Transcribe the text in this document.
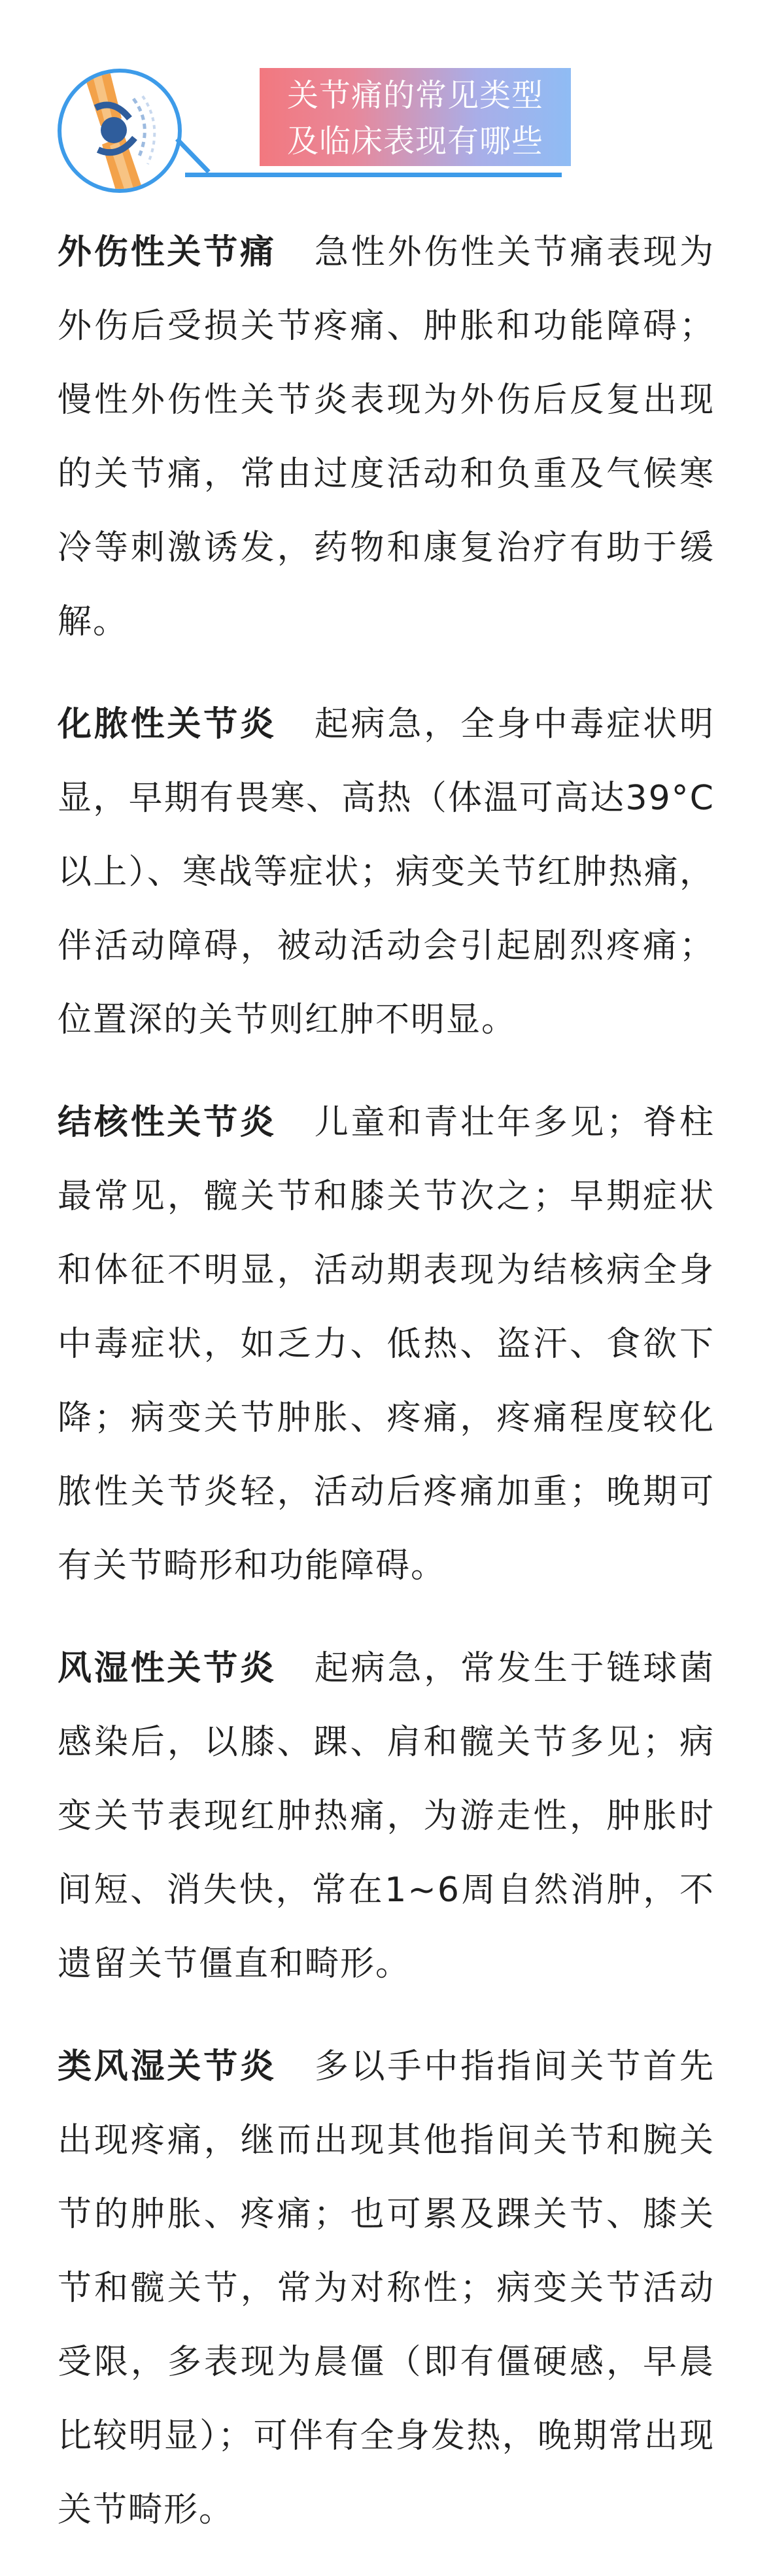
关节痛的常见类型
及临床表现有哪些

外伤性关节痛 急性外伤性关节痛表现为外伤后受损关节疼痛、肿胀和功能障碍；慢性外伤性关节炎表现为外伤后反复出现的关节痛，常由过度活动和负重及气候寒冷等刺激诱发，药物和康复治疗有助于缓解。

化脓性关节炎 起病急，全身中毒症状明显，早期有畏寒、高热（体温可高达39°C以上）、寒战等症状；病变关节红肿热痛，伴活动障碍，被动活动会引起剧烈疼痛；位置深的关节则红肿不明显。

结核性关节炎 儿童和青壮年多见；脊柱最常见，髋关节和膝关节次之；早期症状和体征不明显，活动期表现为结核病全身中毒症状，如乏力、低热、盗汗、食欲下降；病变关节肿胀、疼痛，疼痛程度较化脓性关节炎轻，活动后疼痛加重；晚期可有关节畸形和功能障碍。

风湿性关节炎 起病急，常发生于链球菌感染后，以膝、踝、肩和髋关节多见；病变关节表现红肿热痛，为游走性，肿胀时间短、消失快，常在1~6周自然消肿，不遗留关节僵直和畸形。

类风湿关节炎 多以手中指指间关节首先出现疼痛，继而出现其他指间关节和腕关节的肿胀、疼痛；也可累及踝关节、膝关节和髋关节，常为对称性；病变关节活动受限，多表现为晨僵（即有僵硬感，早晨比较明显）；可伴有全身发热，晚期常出现关节畸形。
